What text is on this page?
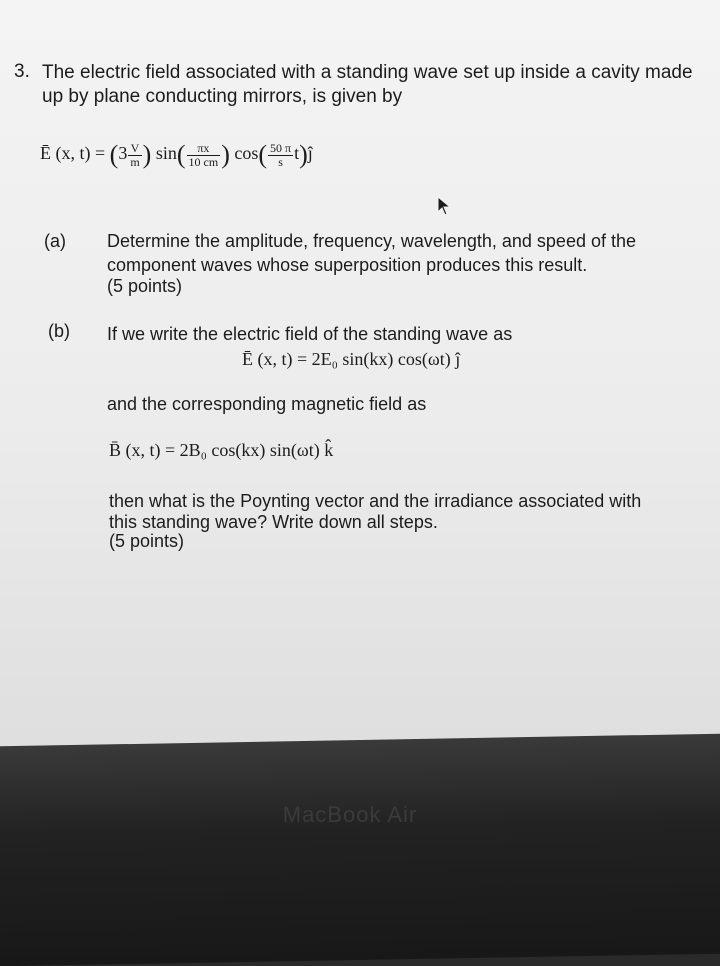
3. The electric field associated with a standing wave set up inside a cavity made up by plane conducting mirrors, is given by
Ē (x, $t) = (3 \frac{V}{m}$ ) $\sin( \frac{\pi x}{10 cm}$ ) $\cos( \frac{50 \pi}{s}$ t)ĵ
(a) Determine the amplitude, frequency, wavelength, and speed of the
component waves whose superposition produces this result.
(5 points)
(b) If we write the electric field of the standing wave as
Ē (x, t) = 2E₀ sin(kx) cos(ωt) ĵ
and the corresponding magnetic field as
B̄ (x, t) = 2B₀ cos(kx) sin(ωt) k̂
then what is the Poynting vector and the irradiance associated with
this standing wave? Write down all steps.
(5 points)
MacBook Air
